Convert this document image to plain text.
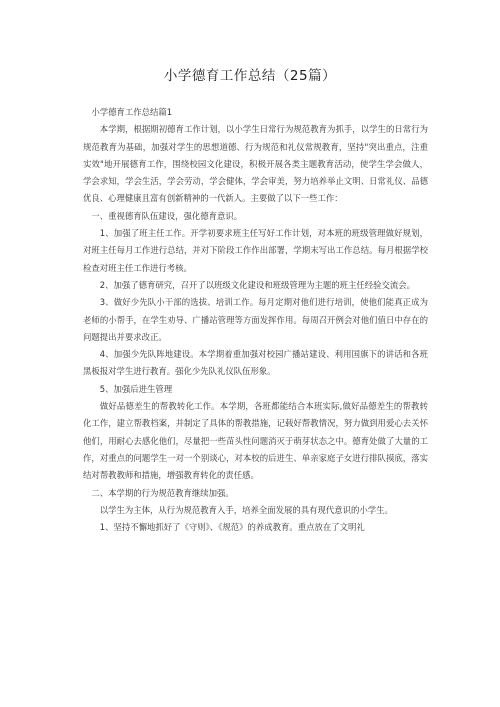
小学德育工作总结（25篇）

小学德育工作总结篇1

本学期，根据期初德育工作计划，以小学生日常行为规范教育为抓手，以学生的日常行为规范教育为基础，加强对学生的思想道德、行为规范和礼仪常规教育，坚持"突出重点，注重实效"地开展德育工作，围绕校园文化建设，积极开展各类主题教育活动，使学生学会做人，学会求知，学会生活，学会劳动，学会健体，学会审美，努力培养举止文明、日常礼仪、品德优良、心理健康且富有创新精神的一代新人。主要做了以下一些工作：

一、重视德育队伍建设，强化德育意识。

1、加强了班主任工作。开学初要求班主任写好工作计划，对本班的班级管理做好规划，对班主任每月工作进行总结，并对下阶段工作作出部署，学期末写出工作总结。每月根据学校检查对班主任工作进行考核。

2、加强了德育研究，召开了以班级文化建设和班级管理为主题的班主任经验交流会。

3、做好少先队小干部的选拔、培训工作。每月定期对他们进行培训，使他们能真正成为老师的小帮手，在学生劝导、广播站管理等方面发挥作用。每周召开例会对他们值日中存在的问题提出并要求改正。

4、加强少先队阵地建设。本学期着重加强对校园广播站建设、利用国旗下的讲话和各班黑板报对学生进行教育。强化少先队礼仪队伍形象。

5、加强后进生管理

做好品德差生的帮教转化工作。本学期，各班都能结合本班实际,做好品德差生的帮教转化工作，建立帮教档案，并制定了具体的帮教措施，记载好帮教情况，努力做到用爱心去关怀他们，用耐心去感化他们，尽量把一些苗头性问题消灭于萌芽状态之中。德育处做了大量的工作，对重点的问题学生一对一个别谈心，对本校的后进生、单亲家庭子女进行排队摸底，落实结对帮教教师和措施，增强教育转化的责任感。

二、本学期的行为规范教育继续加强。

以学生为主体，从行为规范教育入手，培养全面发展的具有现代意识的小学生。

1、坚持不懈地抓好了《守则》、《规范》的养成教育。重点放在了文明礼
